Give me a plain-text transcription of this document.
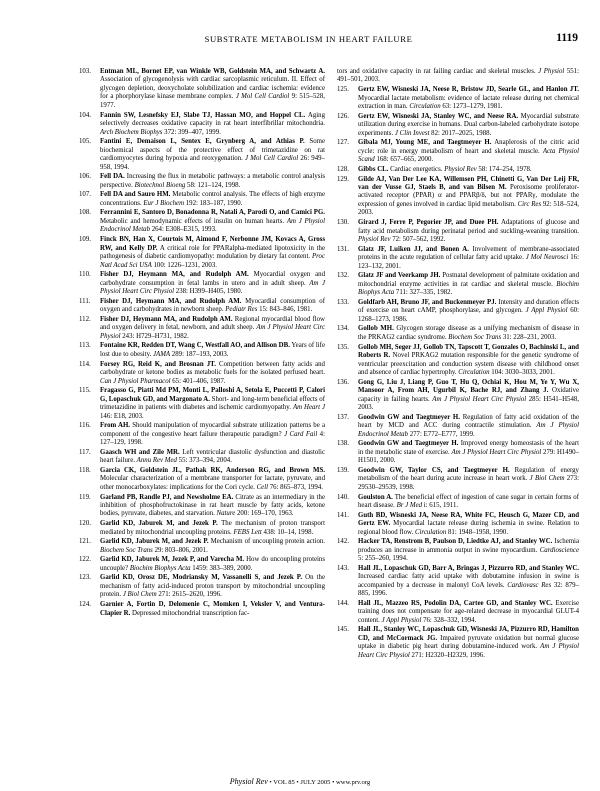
SUBSTRATE METABOLISM IN HEART FAILURE	1119
103.	Entman ML, Bornet EP, van Winkle WB, Goldstein MA, and Schwartz A. Association of glycogenolysis with cardiac sarcoplasmic reticulum. II. Effect of glycogen depletion, deoxycholate solubilization and cardiac ischemia: evidence for a phorphorylase kinase membrane complex. J Mol Cell Cardiol 9: 515–528, 1977.
104.	Fannin SW, Lesnefsky EJ, Slabe TJ, Hassan MO, and Hoppel CL. Aging selectively decreases oxidative capacity in rat heart interfibrillar mitochondria. Arch Biochem Biophys 372: 399–407, 1999.
105.	Fantini E, Demaison L, Sentex E, Grynberg A, and Athias P. Some biochemical aspects of the protective effect of trimetazidine on rat cardiomyocytes during hypoxia and reoxygenation. J Mol Cell Cardiol 26: 949–958, 1994.
106.	Fell DA. Increasing the flux in metabolic pathways: a metabolic control analysis perspective. Biotechnol Bioeng 58: 121–124, 1998.
107.	Fell DA and Sauro HM. Metabolic control analysis. The effects of high enzyme concentrations. Eur J Biochem 192: 183–187, 1990.
108.	Ferrannini E, Santoro D, Bonadonna R, Natali A, Parodi O, and Camici PG. Metabolic and hemodynamic effects of insulin on human hearts. Am J Physiol Endocrinol Metab 264: E308–E315, 1993.
109.	Finck BN, Han X, Courtois M, Aimond F, Nerbonne JM, Kovacs A, Gross RW, and Kelly DP. A critical role for PPARalpha-mediated lipotoxicity in the pathogenesis of diabetic cardiomyopathy: modulation by dietary fat content. Proc Natl Acad Sci USA 100: 1226–1231, 2003.
110.	Fisher DJ, Heymann MA, and Rudolph AM. Myocardial oxygen and carbohydrate consumption in fetal lambs in utero and in adult sheep. Am J Physiol Heart Circ Physiol 238: H399–H405, 1980.
111.	Fisher DJ, Heymann MA, and Rudolph AM. Myocardial consumption of oxygen and carbohydrates in newborn sheep. Pediatr Res 15: 843–846, 1981.
112.	Fisher DJ, Heymann MA, and Rudolph AM. Regional myocardial blood flow and oxygen delivery in fetal, newborn, and adult sheep. Am J Physiol Heart Circ Physiol 243: H729–H731, 1982.
113.	Fontaine KR, Redden DT, Wang C, Westfall AO, and Allison DB. Years of life lost due to obesity. JAMA 289: 187–193, 2003.
114.	Forsey RG, Reid K, and Brosnan JT. Competition between fatty acids and carbohydrate or ketone bodies as metabolic fuels for the isolated perfused heart. Can J Physiol Pharmacol 65: 401–406, 1987.
115.	Fragasso G, Piatti Md PM, Monti L, Palloshi A, Setola E, Puccetti P, Calori G, Lopaschuk GD, and Margonato A. Short- and long-term beneficial effects of trimetazidine in patients with diabetes and ischemic cardiomyopathy. Am Heart J 146: E18, 2003.
116.	From AH. Should manipulation of myocardial substrate utilization patterns be a component of the congestive heart failure therapeutic paradigm? J Card Fail 4: 127–129, 1998.
117.	Gaasch WH and Zile MR. Left ventricular diastolic dysfunction and diastolic heart failure. Annu Rev Med 55: 373–394, 2004.
118.	Garcia CK, Goldstein JL, Pathak RK, Anderson RG, and Brown MS. Molecular characterization of a membrane transporter for lactate, pyruvate, and other monocarboxylates: implications for the Cori cycle. Cell 76: 865–873, 1994.
119.	Garland PB, Randle PJ, and Newsholme EA. Citrate as an intermediary in the inhibition of phosphofructokinase in rat heart muscle by fatty acids, ketone bodies, pyruvate, diabetes, and starvation. Nature 200: 169–170, 1963.
120.	Garlid KD, Jaburek M, and Jezek P. The mechanism of proton transport mediated by mitochondrial uncoupling proteins. FEBS Lett 438: 10–14, 1998.
121.	Garlid KD, Jaburek M, and Jezek P. Mechanism of uncoupling protein action. Biochem Soc Trans 29: 803–806, 2001.
122.	Garlid KD, Jaburek M, Jezek P, and Varecha M. How do uncoupling proteins uncouple? Biochim Biophys Acta 1459: 383–389, 2000.
123.	Garlid KD, Orosz DE, Modriansky M, Vassanelli S, and Jezek P. On the mechanism of fatty acid-induced proton transport by mitochondrial uncoupling protein. J Biol Chem 271: 2615–2620, 1996.
124.	Garnier A, Fortin D, Delomenie C, Momken I, Veksler V, and Ventura-Clapier R. Depressed mitochondrial transcription fac-
tors and oxidative capacity in rat failing cardiac and skeletal muscles. J Physiol 551: 491–501, 2003.
125.	Gertz EW, Wisneski JA, Neese R, Bristow JD, Searle GL, and Hanlon JT. Myocardial lactate metabolism: evidence of lactate release during net chemical extraction in man. Circulation 63: 1273–1279, 1981.
126.	Gertz EW, Wisneski JA, Stanley WC, and Neese RA. Myocardial substrate utilization during exercise in humans. Dual carbon-labeled carbohydrate isotope experiments. J Clin Invest 82: 2017–2025, 1988.
127.	Gibala MJ, Young ME, and Taegtmeyer H. Anaplerosis of the citric acid cycle: role in energy metabolism of heart and skeletal muscle. Acta Physiol Scand 168: 657–665, 2000.
128.	Gibbs CL. Cardiac energetics. Physiol Rev 58: 174–254, 1978.
129.	Gilde AJ, Van Der Lee KA, Willemsen PH, Chinetti G, Van Der Leij FR, van der Vusse GJ, Staels B, and van Bilsen M. Peroxisome proliferator-activated receptor (PPAR) α and PPARβ/δ, but not PPARγ, modulate the expression of genes involved in cardiac lipid metabolism. Circ Res 92: 518–524, 2003.
130.	Girard J, Ferre P, Pegorier JP, and Duee PH. Adaptations of glucose and fatty acid metabolism during perinatal period and suckling-weaning transition. Physiol Rev 72: 507–562, 1992.
131.	Glatz JF, Luiken JJ, and Bonen A. Involvement of membrane-associated proteins in the acute regulation of cellular fatty acid uptake. J Mol Neurosci 16: 123–132, 2001.
132.	Glatz JF and Veerkamp JH. Postnatal development of palmitate oxidation and mitochondrial enzyme activities in rat cardiac and skeletal muscle. Biochim Biophys Acta 711: 327–335, 1982.
133.	Goldfarb AH, Bruno JF, and Buckenmeyer PJ. Intensity and duration effects of exercise on heart cAMP, phosphorylase, and glycogen. J Appl Physiol 60: 1268–1273, 1986.
134.	Gollob MH. Glycogen storage disease as a unifying mechanism of disease in the PRKAG2 cardiac syndrome. Biochem Soc Trans 31: 228–231, 2003.
135.	Gollob MH, Seger JJ, Gollob TN, Tapscott T, Gonzales O, Bachinski L, and Roberts R. Novel PRKAG2 mutation responsible for the genetic syndrome of ventricular preexcitation and conduction system disease with childhood onset and absence of cardiac hypertrophy. Circulation 104: 3030–3033, 2001.
136.	Gong G, Liu J, Liang P, Guo T, Hu Q, Ochiai K, Hou M, Ye Y, Wu X, Mansoor A, From AH, Ugurbil K, Bache RJ, and Zhang J. Oxidative capacity in failing hearts. Am J Physiol Heart Circ Physiol 285: H541–H548, 2003.
137.	Goodwin GW and Taegtmeyer H. Regulation of fatty acid oxidation of the heart by MCD and ACC during contractile stimulation. Am J Physiol Endocrinol Metab 277: E772–E777, 1999.
138.	Goodwin GW and Taegtmeyer H. Improved energy homeostasis of the heart in the metabolic state of exercise. Am J Physiol Heart Circ Physiol 279: H1490–H1501, 2000.
139.	Goodwin GW, Taylor CS, and Taegtmeyer H. Regulation of energy metabolism of the heart during acute increase in heart work. J Biol Chem 273: 29530–29539, 1998.
140.	Goulston A. The beneficial effect of ingestion of cane sugar in certain forms of heart disease. Br J Med i: 615, 1911.
141.	Guth BD, Wisneski JA, Neese RA, White FC, Heusch G, Mazer CD, and Gertz EW. Myocardial lactate release during ischemia in swine. Relation to regional blood flow. Circulation 81: 1948–1958, 1990.
142.	Hacker TA, Renstrom B, Paulson D, Liedtke AJ, and Stanley WC. Ischemia produces an increase in ammonia output in swine myocardium. Cardioscience 5: 255–260, 1994.
143.	Hall JL, Lopaschuk GD, Barr A, Bringas J, Pizzurro RD, and Stanley WC. Increased cardiac fatty acid uptake with dobutamine infusion in swine is accompanied by a decrease in malonyl CoA levels. Cardiovasc Res 32: 879–885, 1996.
144.	Hall JL, Mazzeo RS, Podolin DA, Cartee GD, and Stanley WC. Exercise training does not compensate for age-related decrease in myocardial GLUT-4 content. J Appl Physiol 76: 328–332, 1994.
145.	Hall JL, Stanley WC, Lopaschuk GD, Wisneski JA, Pizzurro RD, Hamilton CD, and McCormack JG. Impaired pyruvate oxidation but normal glucose uptake in diabetic pig heart during dobutamine-induced work. Am J Physiol Heart Circ Physiol 271: H2320–H2329, 1996.
Physiol Rev • VOL 85 • JULY 2005 • www.prv.org
